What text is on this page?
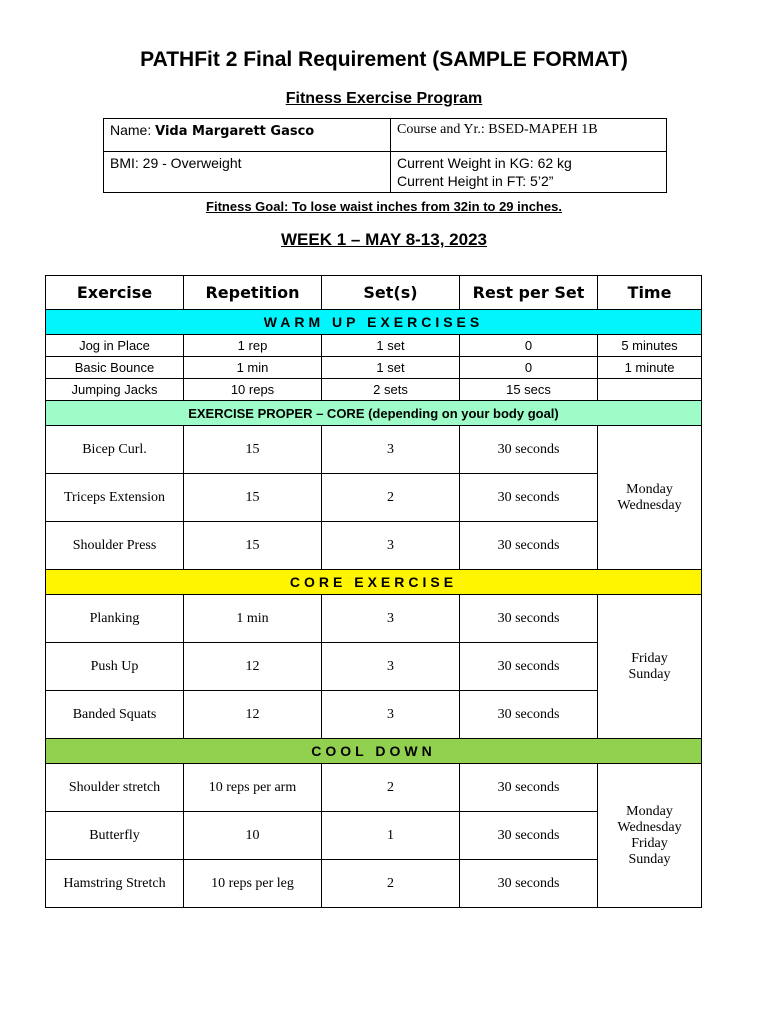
PATHFit 2 Final Requirement (SAMPLE FORMAT)
Fitness Exercise Program
Name: Vida Margarett Gasco	Course and Yr.: BSED-MAPEH 1B
BMI: 29 - Overweight	Current Weight in KG: 62 kg
Current Height in FT: 5’2”
Fitness Goal: To lose waist inches from 32in to 29 inches.
WEEK 1 – MAY 8-13, 2023
Exercise	Repetition	Set(s)	Rest per Set	Time
WARM UP EXERCISES				
Jog in Place	1 rep	1 set	0	5 minutes
Basic Bounce	1 min	1 set	0	1 minute
Jumping Jacks	10 reps	2 sets	15 secs	
EXERCISE PROPER – CORE (depending on your body goal)				
Bicep Curl.	15	3	30 seconds	Monday
Wednesday

Triceps Extension	15	2	30 seconds	
Shoulder Press	15	3	30 seconds	
CORE EXERCISE				
Planking	1 min	3	30 seconds	Friday
Sunday

Push Up	12	3	30 seconds	
Banded Squats	12	3	30 seconds	
COOL DOWN				
Shoulder stretch	10 reps per arm	2	30 seconds	Monday
Wednesday
Friday
Sunday

Butterfly	10	1	30 seconds	
Hamstring Stretch	10 reps per leg	2	30 seconds	
